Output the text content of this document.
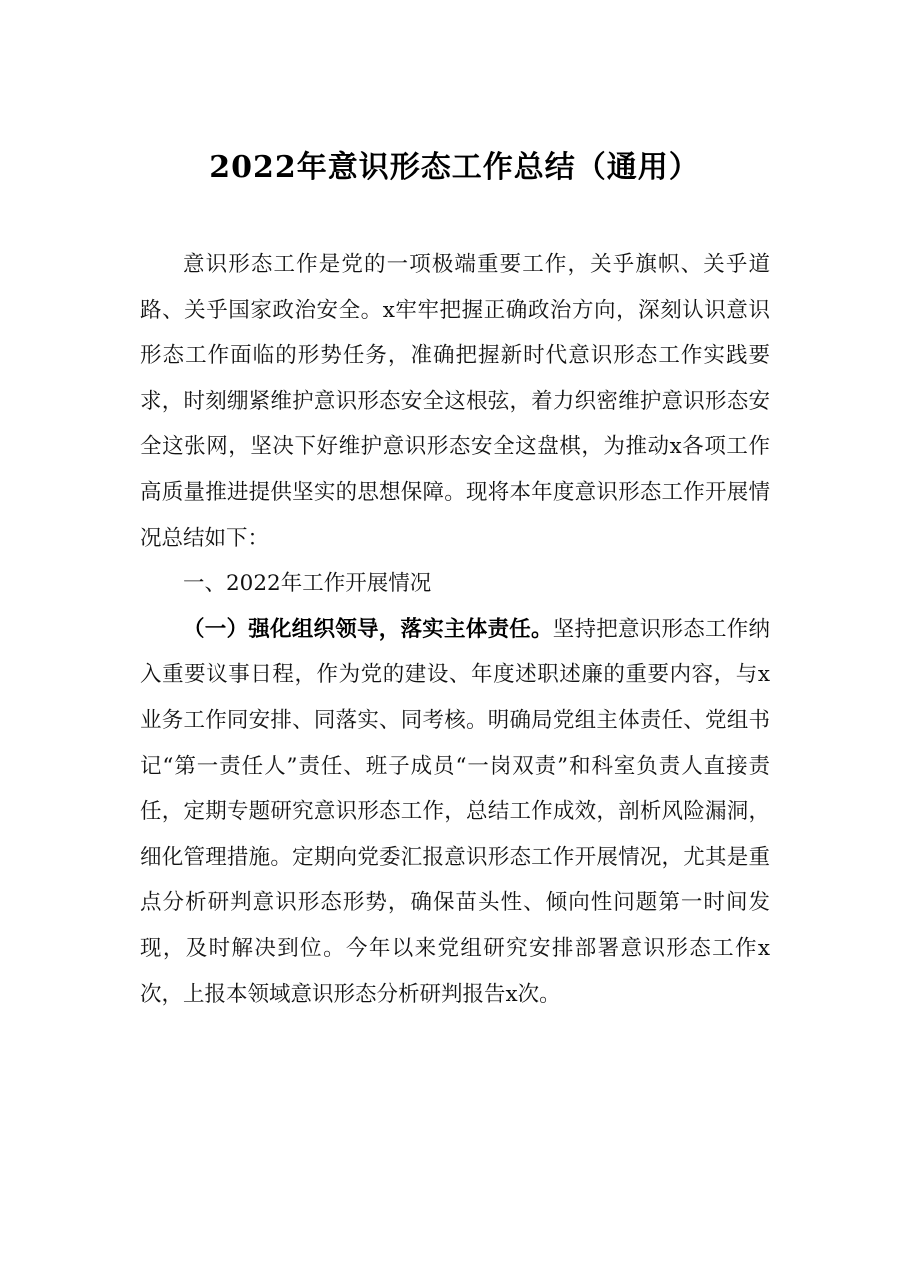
2022年意识形态工作总结（通用）

意识形态工作是党的一项极端重要工作，关乎旗帜、关乎道路、关乎国家政治安全。x牢牢把握正确政治方向，深刻认识意识形态工作面临的形势任务，准确把握新时代意识形态工作实践要求，时刻绷紧维护意识形态安全这根弦，着力织密维护意识形态安全这张网，坚决下好维护意识形态安全这盘棋，为推动x各项工作高质量推进提供坚实的思想保障。现将本年度意识形态工作开展情况总结如下：

一、2022年工作开展情况

（一）强化组织领导，落实主体责任。坚持把意识形态工作纳入重要议事日程，作为党的建设、年度述职述廉的重要内容，与x业务工作同安排、同落实、同考核。明确局党组主体责任、党组书记“第一责任人”责任、班子成员“一岗双责”和科室负责人直接责任，定期专题研究意识形态工作，总结工作成效，剖析风险漏洞，细化管理措施。定期向党委汇报意识形态工作开展情况，尤其是重点分析研判意识形态形势，确保苗头性、倾向性问题第一时间发现，及时解决到位。今年以来党组研究安排部署意识形态工作x次，上报本领域意识形态分析研判报告x次。
